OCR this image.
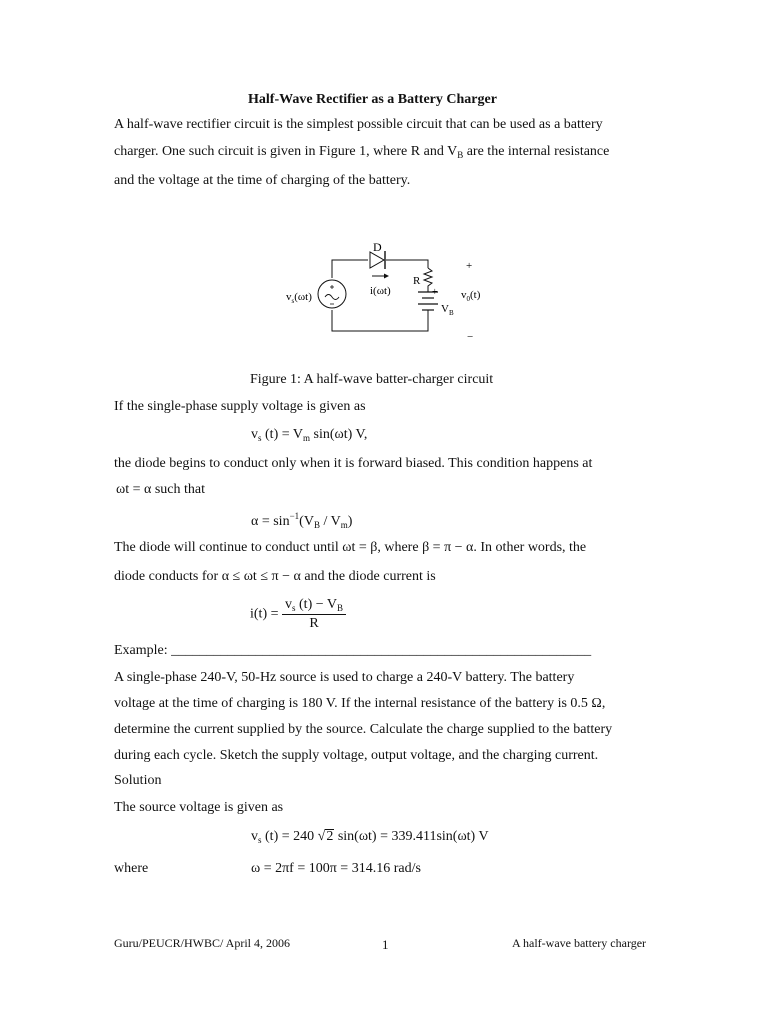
Half-Wave Rectifier as a Battery Charger
A half-wave rectifier circuit is the simplest possible circuit that can be used as a battery
charger. One such circuit is given in Figure 1, where R and $V_B$ are the internal resistance
and the voltage at the time of charging of the battery.
D
i(ωt)
R
$v_s(\omega t)$	$v_0(t)$
$V_B$
+
+
−
Figure 1: A half-wave batter-charger circuit
If the single-phase supply voltage is given as
$v_s$ $(t) = V_m$ sin(ωt) V,
the diode begins to conduct only when it is forward biased. This condition happens at
ωt = α such that
$\alpha = \sin^{-1}(V_B / V_m)$
The diode will continue to conduct until ωt = β, where β = π − α. In other words, the
diode conducts for α ≤ ωt ≤ π − α and the diode current is
$i(t) = \frac{v_s (t) - V_B}{R}$
Example: ____________________________________________________________
A single-phase 240-V, 50-Hz source is used to charge a 240-V battery. The battery
voltage at the time of charging is 180 V. If the internal resistance of the battery is 0.5 Ω,
determine the current supplied by the source. Calculate the charge supplied to the battery
during each cycle. Sketch the supply voltage, output voltage, and the charging current.
Solution
The source voltage is given as
$v_s$ (t) = 240 √2 sin(ωt) = 339.411sin(ωt) V
where	ω = 2πf = 100π = 314.16 rad/s
Guru/PEUCR/HWBC/ April 4, 2006	1	A half-wave battery charger
